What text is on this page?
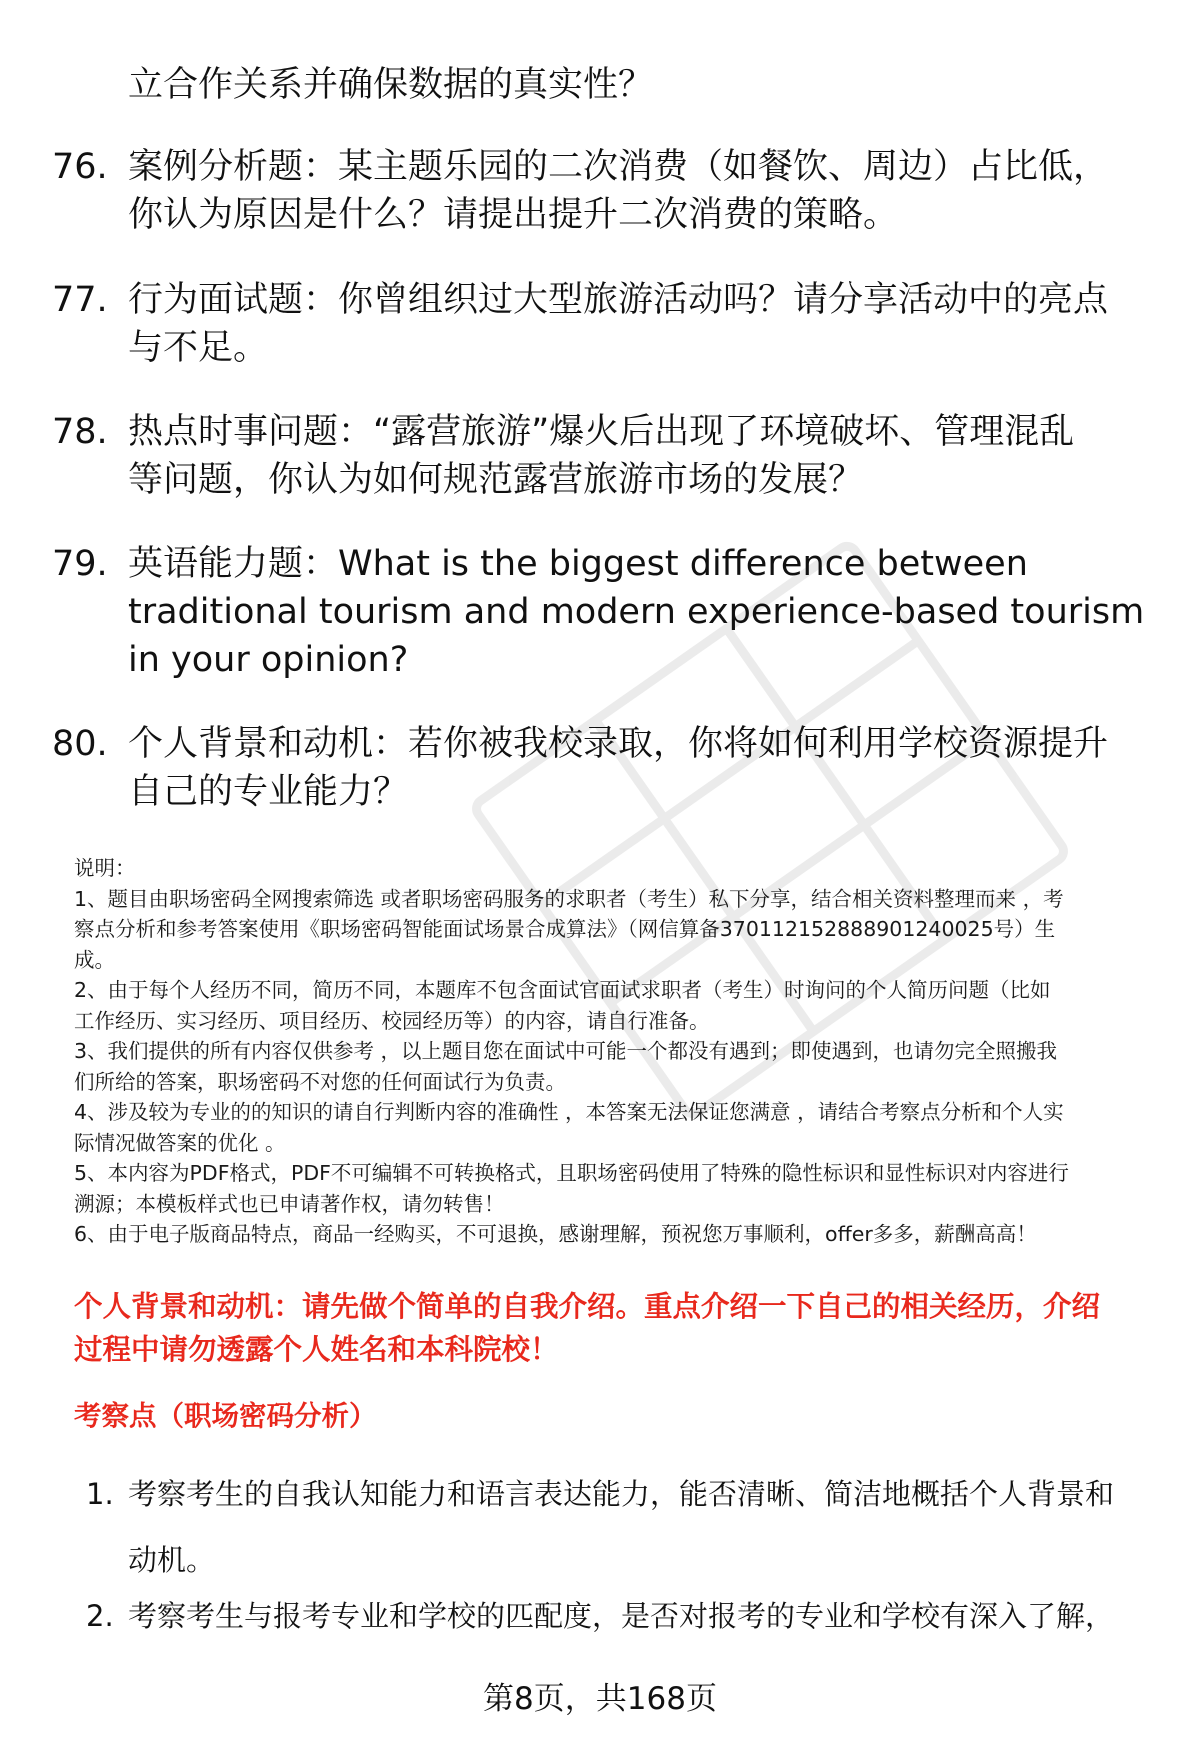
立合作关系并确保数据的真实性？
76. 案例分析题：某主题乐园的二次消费（如餐饮、周边）占比低，
你认为原因是什么？请提出提升二次消费的策略。
77. 行为面试题：你曾组织过大型旅游活动吗？请分享活动中的亮点
与不足。
78. 热点时事问题：“露营旅游”爆火后出现了环境破坏、管理混乱
等问题，你认为如何规范露营旅游市场的发展？
79. 英语能力题：What is the biggest difference between
traditional tourism and modern experience-based tourism
in your opinion?
80. 个人背景和动机：若你被我校录取，你将如何利用学校资源提升
自己的专业能力？
说明：
1、题目由职场密码全网搜索筛选 或者职场密码服务的求职者（考生）私下分享，结合相关资料整理而来 ，考
察点分析和参考答案使用《职场密码智能面试场景合成算法》（网信算备370112152888901240025号）生
成。
2、由于每个人经历不同，简历不同，本题库不包含面试官面试求职者（考生）时询问的个人简历问题（比如
工作经历、实习经历、项目经历、校园经历等）的内容，请自行准备。
3、我们提供的所有内容仅供参考 ，以上题目您在面试中可能一个都没有遇到；即使遇到，也请勿完全照搬我
们所给的答案，职场密码不对您的任何面试行为负责。
4、涉及较为专业的的知识的请自行判断内容的准确性 ，本答案无法保证您满意 ，请结合考察点分析和个人实
际情况做答案的优化 。
5、本内容为PDF格式，PDF不可编辑不可转换格式，且职场密码使用了特殊的隐性标识和显性标识对内容进行
溯源；本模板样式也已申请著作权，请勿转售！
6、由于电子版商品特点，商品一经购买，不可退换，感谢理解，预祝您万事顺利，offer多多，薪酬高高！
个人背景和动机：请先做个简单的自我介绍。重点介绍一下自己的相关经历，介绍
过程中请勿透露个人姓名和本科院校！
考察点（职场密码分析）
1. 考察考生的自我认知能力和语言表达能力，能否清晰、简洁地概括个人背景和
动机。
2. 考察考生与报考专业和学校的匹配度，是否对报考的专业和学校有深入了解，
第8页，共168页
